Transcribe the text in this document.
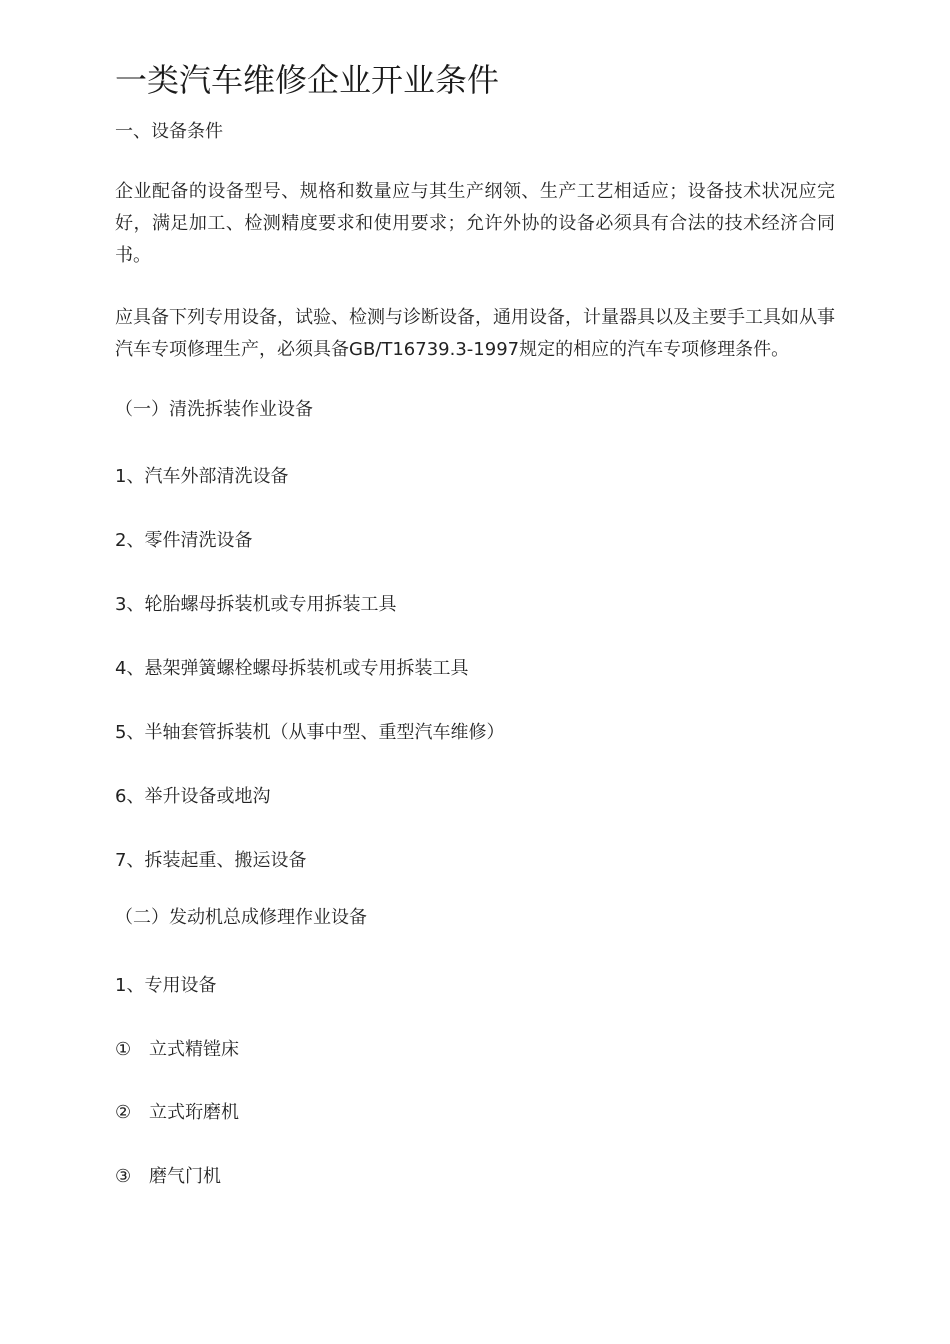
一类汽车维修企业开业条件
一、设备条件
企业配备的设备型号、规格和数量应与其生产纲领、生产工艺相适应；设备技术状况应完好，满足加工、检测精度要求和使用要求；允许外协的设备必须具有合法的技术经济合同书。
应具备下列专用设备，试验、检测与诊断设备，通用设备，计量器具以及主要手工具如从事汽车专项修理生产，必须具备GB/T16739.3-1997规定的相应的汽车专项修理条件。
（一）清洗拆装作业设备
1、汽车外部清洗设备
2、零件清洗设备
3、轮胎螺母拆装机或专用拆装工具
4、悬架弹簧螺栓螺母拆装机或专用拆装工具
5、半轴套管拆装机（从事中型、重型汽车维修）
6、举升设备或地沟
7、拆装起重、搬运设备
（二）发动机总成修理作业设备
1、专用设备
① 立式精镗床
② 立式珩磨机
③ 磨气门机
